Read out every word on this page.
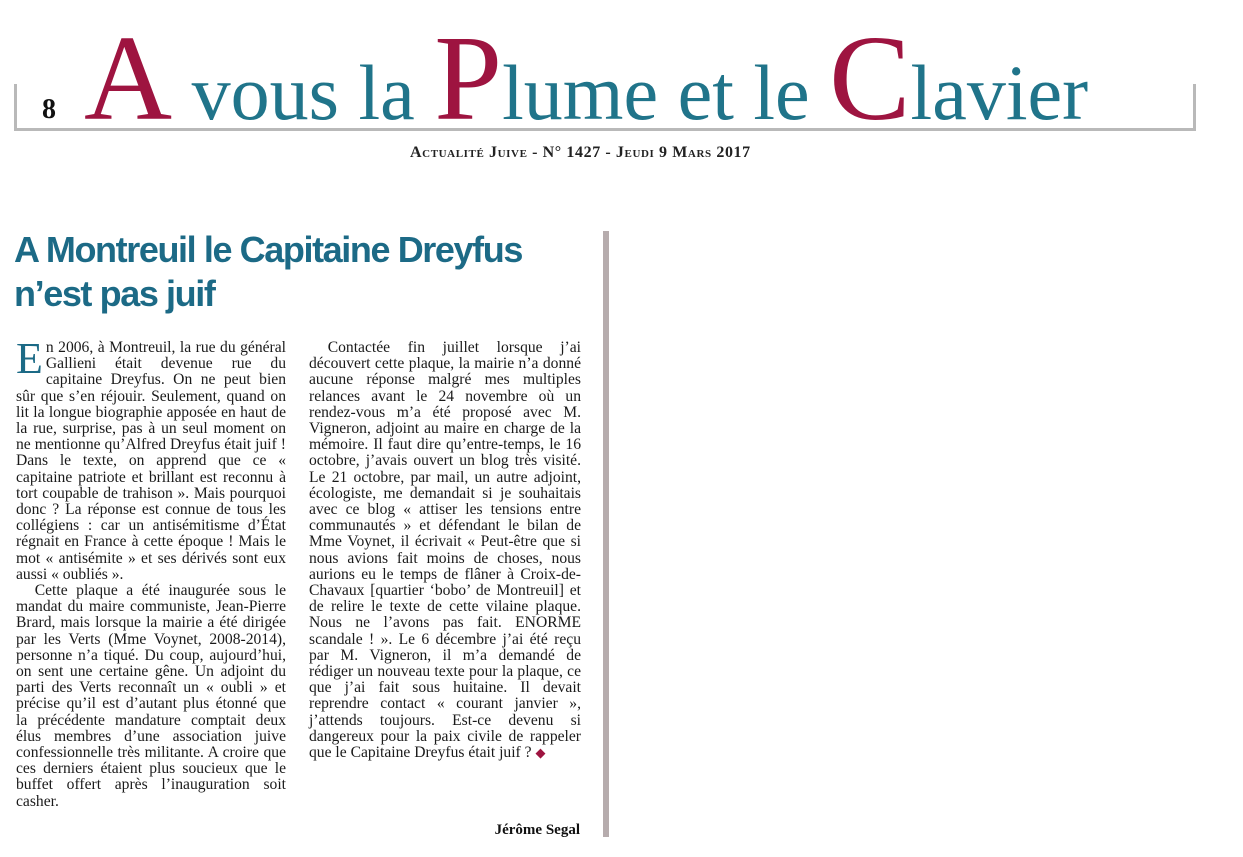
8 A vous la Plume et le Clavier
Actualité Juive - N° 1427 - Jeudi 9 Mars 2017
A Montreuil le Capitaine Dreyfus
n’est pas juif

En 2006, à Montreuil, la rue du général Gallieni était devenue rue du capitaine Dreyfus. On ne peut bien sûr que s’en réjouir. Seulement, quand on lit la longue biographie apposée en haut de la rue, surprise, pas à un seul moment on ne mentionne qu’Alfred Dreyfus était juif ! Dans le texte, on apprend que ce « capitaine patriote et brillant est reconnu à tort coupable de trahison ». Mais pourquoi donc ? La réponse est connue de tous les collégiens : car un antisémitisme d’État régnait en France à cette époque ! Mais le mot « antisémite » et ses dérivés sont eux aussi « oubliés ».

Cette plaque a été inaugurée sous le mandat du maire communiste, Jean-Pierre Brard, mais lorsque la mairie a été dirigée par les Verts (Mme Voynet, 2008-2014), personne n’a tiqué. Du coup, aujourd’hui, on sent une certaine gêne. Un adjoint du parti des Verts reconnaît un « oubli » et précise qu’il est d’autant plus étonné que la précédente mandature comptait deux élus membres d’une association juive confessionnelle très militante. A croire que ces derniers étaient plus soucieux que le buffet offert après l’inauguration soit casher.

Contactée fin juillet lorsque j’ai découvert cette plaque, la mairie n’a donné aucune réponse malgré mes multiples relances avant le 24 novembre où un rendez-vous m’a été proposé avec M. Vigneron, adjoint au maire en charge de la mémoire. Il faut dire qu’entre-temps, le 16 octobre, j’avais ouvert un blog très visité. Le 21 octobre, par mail, un autre adjoint, écologiste, me demandait si je souhaitais avec ce blog « attiser les tensions entre communautés » et défendant le bilan de Mme Voynet, il écrivait « Peut-être que si nous avions fait moins de choses, nous aurions eu le temps de flâner à Croix-de-Chavaux [quartier ‘bobo’ de Montreuil] et de relire le texte de cette vilaine plaque. Nous ne l’avons pas fait. ENORME scandale ! ». Le 6 décembre j’ai été reçu par M. Vigneron, il m’a demandé de rédiger un nouveau texte pour la plaque, ce que j’ai fait sous huitaine. Il devait reprendre contact « courant janvier », j’attends toujours. Est-ce devenu si dangereux pour la paix civile de rappeler que le Capitaine Dreyfus était juif ? ◆

Jérôme Segal
